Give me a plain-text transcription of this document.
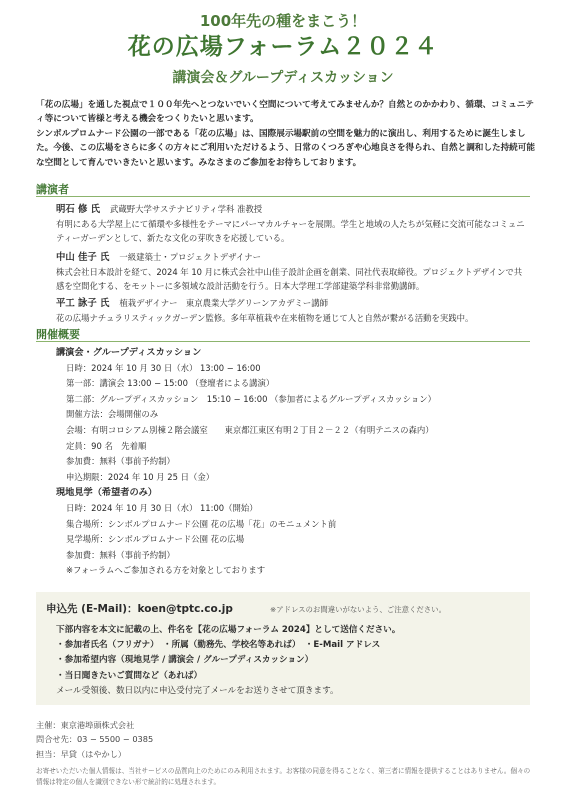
100年先の種をまこう！
花の広場フォーラム２０２４
講演会＆グループディスカッション

「花の広場」を通した視点で１００年先へとつないでいく空間について考えてみませんか？自然とのかかわり、循環、コミュニティ等について皆様と考える機会をつくりたいと思います。

シンボルプロムナード公園の一部である「花の広場」は、国際展示場駅前の空間を魅力的に演出し、利用するために誕生しました。今後、この広場をさらに多くの方々にご利用いただけるよう、日常のくつろぎや心地良さを得られ、自然と調和した持続可能な空間として育んでいきたいと思います。みなさまのご参加をお待ちしております。

講演者
明石 修 氏 武蔵野大学サステナビリティ学科 准教授

有明にある大学屋上にて循環や多様性をテーマにパーマカルチャーを展開。学生と地域の人たちが気軽に交流可能なコミュニティーガーデンとして、新たな文化の芽吹きを応援している。

中山 佳子 氏 一級建築士・プロジェクトデザイナー

株式会社日本設計を経て、2024 年 10 月に株式会社中山佳子設計企画を創業、同社代表取締役。プロジェクトデザインで共感を空間化する、をモットーに多領域な設計活動を行う。日本大学理工学部建築学科非常勤講師。

平工 詠子 氏 植栽デザイナー　東京農業大学グリーンアカデミー講師

花の広場ナチュラリスティックガーデン監修。多年草植栽や在来植物を通じて人と自然が繋がる活動を実践中。

開催概要
講演会・グループディスカッション
日時：2024 年 10 月 30 日（水） 13:00 − 16:00
第一部：講演会 13:00 − 15:00 （登壇者による講演）
第二部：グループディスカッション　15:10 − 16:00 （参加者によるグループディスカッション）
開催方法：会場開催のみ
会場：有明コロシアム別棟２階会議室　　東京都江東区有明２丁目２－２２（有明テニスの森内）
定員：90 名　先着順
参加費：無料（事前予約制）
申込期限：2024 年 10 月 25 日（金）
現地見学（希望者のみ）
日時：2024 年 10 月 30 日（水） 11:00（開始）
集合場所：シンボルプロムナード公園 花の広場「花」のモニュメント前
見学場所：シンボルプロムナード公園 花の広場
参加費：無料（事前予約制）
※フォーラムへご参加される方を対象としております
申込先 (E-Mail)：koen@tptc.co.jp	※アドレスのお間違いがないよう、ご注意ください。
下部内容を本文に記載の上、件名を【花の広場フォーラム 2024】として送信ください。
・参加者氏名（フリガナ）　・所属（勤務先、学校名等あれば）　・E-Mail アドレス
・参加希望内容（現地見学 / 講演会 / グループディスカッション）
・当日聞きたいご質問など（あれば）
メール受領後、数日以内に申込受付完了メールをお送りさせて頂きます。
主催：東京港埠頭株式会社
問合せ先：03 − 5500 − 0385
担当：早貸（はやかし）
お寄せいただいた個人情報は、当社サービスの品質向上のためにのみ利用されます。お客様の同意を得ることなく、第三者に情報を提供することはありません。個々の情報は特定の個人を識別できない形で統計的に処理されます。
